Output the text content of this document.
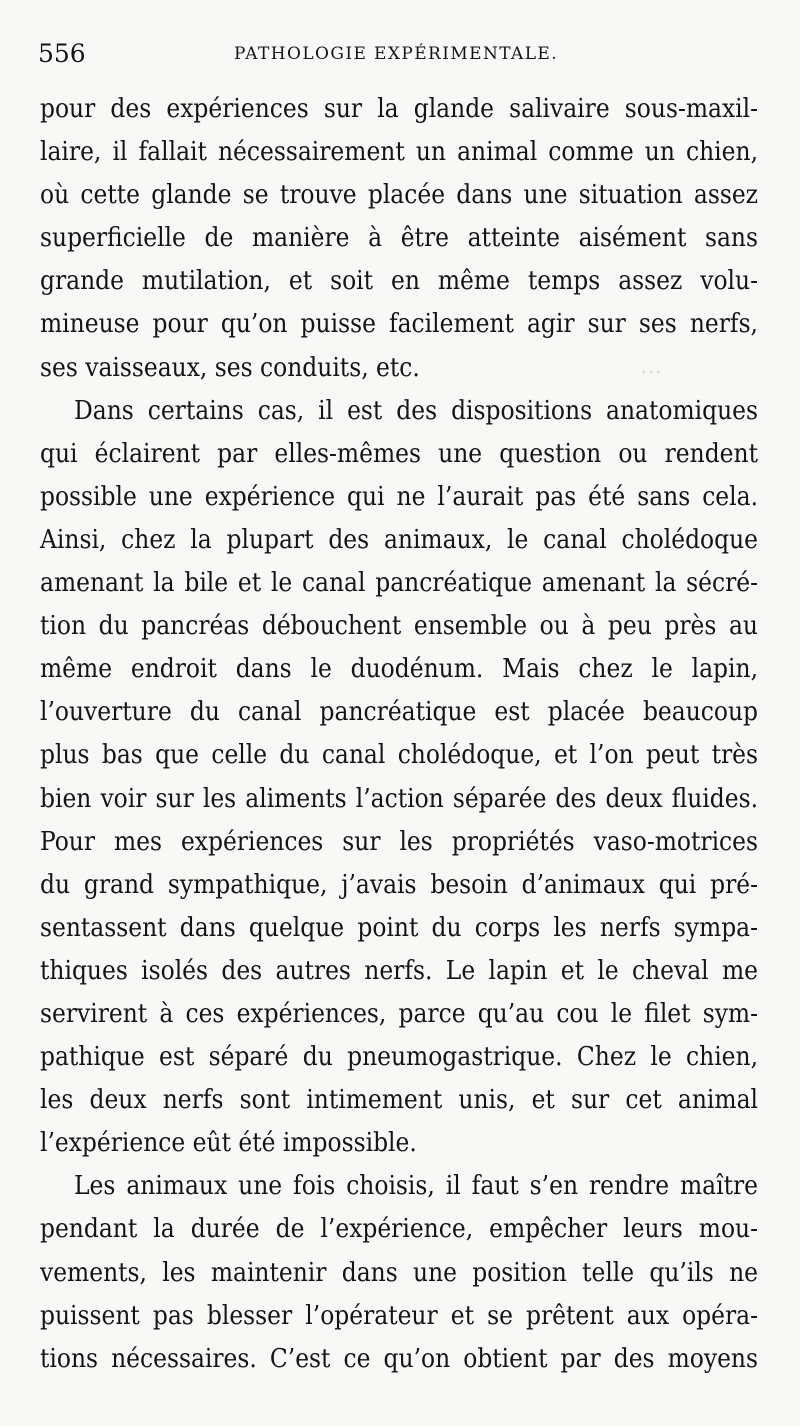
…
556	PATHOLOGIE EXPÉRIMENTALE.
pour des expériences sur la glande salivaire sous-maxil-
laire, il fallait nécessairement un animal comme un chien,
où cette glande se trouve placée dans une situation assez
superficielle de manière à être atteinte aisément sans
grande mutilation, et soit en même temps assez volu-
mineuse pour qu’on puisse facilement agir sur ses nerfs,
ses vaisseaux, ses conduits, etc.
Dans certains cas, il est des dispositions anatomiques
qui éclairent par elles-mêmes une question ou rendent
possible une expérience qui ne l’aurait pas été sans cela.
Ainsi, chez la plupart des animaux, le canal cholédoque
amenant la bile et le canal pancréatique amenant la sécré-
tion du pancréas débouchent ensemble ou à peu près au
même endroit dans le duodénum. Mais chez le lapin,
l’ouverture du canal pancréatique est placée beaucoup
plus bas que celle du canal cholédoque, et l’on peut très
bien voir sur les aliments l’action séparée des deux fluides.
Pour mes expériences sur les propriétés vaso-motrices
du grand sympathique, j’avais besoin d’animaux qui pré-
sentassent dans quelque point du corps les nerfs sympa-
thiques isolés des autres nerfs. Le lapin et le cheval me
servirent à ces expériences, parce qu’au cou le filet sym-
pathique est séparé du pneumogastrique. Chez le chien,
les deux nerfs sont intimement unis, et sur cet animal
l’expérience eût été impossible.
Les animaux une fois choisis, il faut s’en rendre maître
pendant la durée de l’expérience, empêcher leurs mou-
vements, les maintenir dans une position telle qu’ils ne
puissent pas blesser l’opérateur et se prêtent aux opéra-
tions nécessaires. C’est ce qu’on obtient par des moyens
